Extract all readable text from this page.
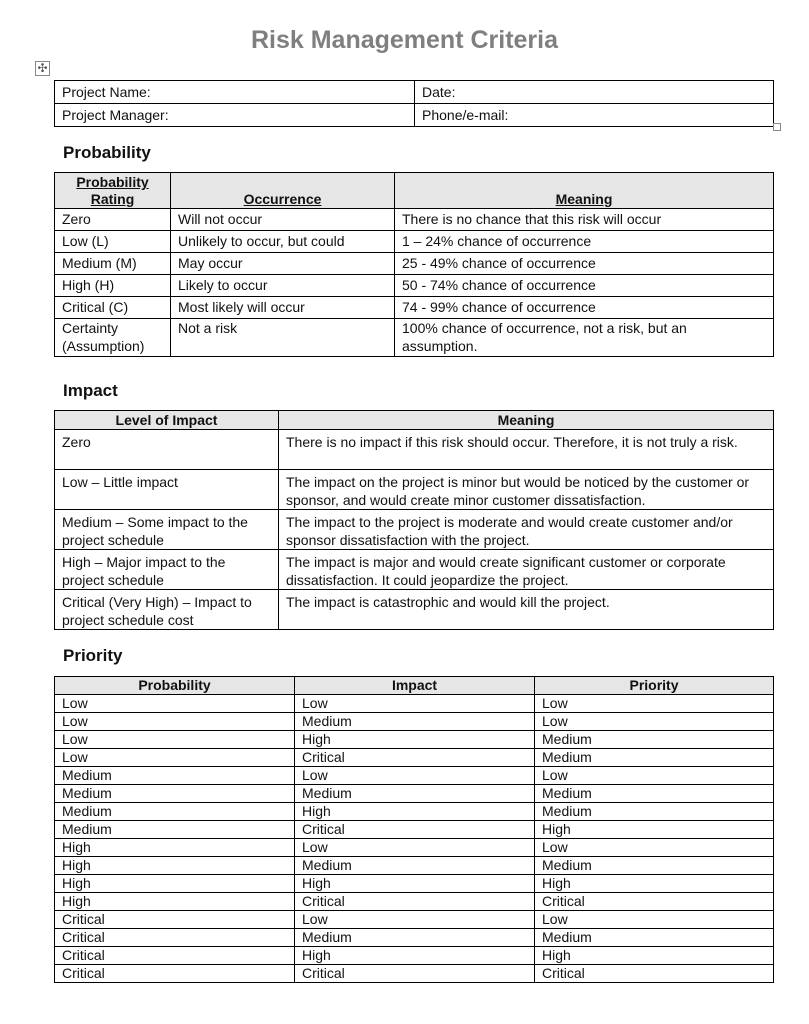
Risk Management Criteria
✣
Project Name:	Date:
Project Manager:	Phone/e-mail:
Probability
Probability Rating	Occurrence	Meaning
Zero	Will not occur	There is no chance that this risk will occur
Low (L)	Unlikely to occur, but could	1 – 24% chance of occurrence
Medium (M)	May occur	25 - 49% chance of occurrence
High (H)	Likely to occur	50 - 74% chance of occurrence
Critical (C)	Most likely will occur	74 - 99% chance of occurrence
Certainty (Assumption)	Not a risk	100% chance of occurrence, not a risk, but an assumption.
Impact
Level of Impact	Meaning
Zero	There is no impact if this risk should occur. Therefore, it is not truly a risk.
Low – Little impact	The impact on the project is minor but would be noticed by the customer or sponsor, and would create minor customer dissatisfaction.
Medium – Some impact to the project schedule	The impact to the project is moderate and would create customer and/or sponsor dissatisfaction with the project.
High – Major impact to the project schedule	The impact is major and would create significant customer or corporate dissatisfaction. It could jeopardize the project.
Critical (Very High) – Impact to project schedule cost	The impact is catastrophic and would kill the project.
Priority
Probability	Impact	Priority
Low	Low	Low
Low	Medium	Low
Low	High	Medium
Low	Critical	Medium
Medium	Low	Low
Medium	Medium	Medium
Medium	High	Medium
Medium	Critical	High
High	Low	Low
High	Medium	Medium
High	High	High
High	Critical	Critical
Critical	Low	Low
Critical	Medium	Medium
Critical	High	High
Critical	Critical	Critical
